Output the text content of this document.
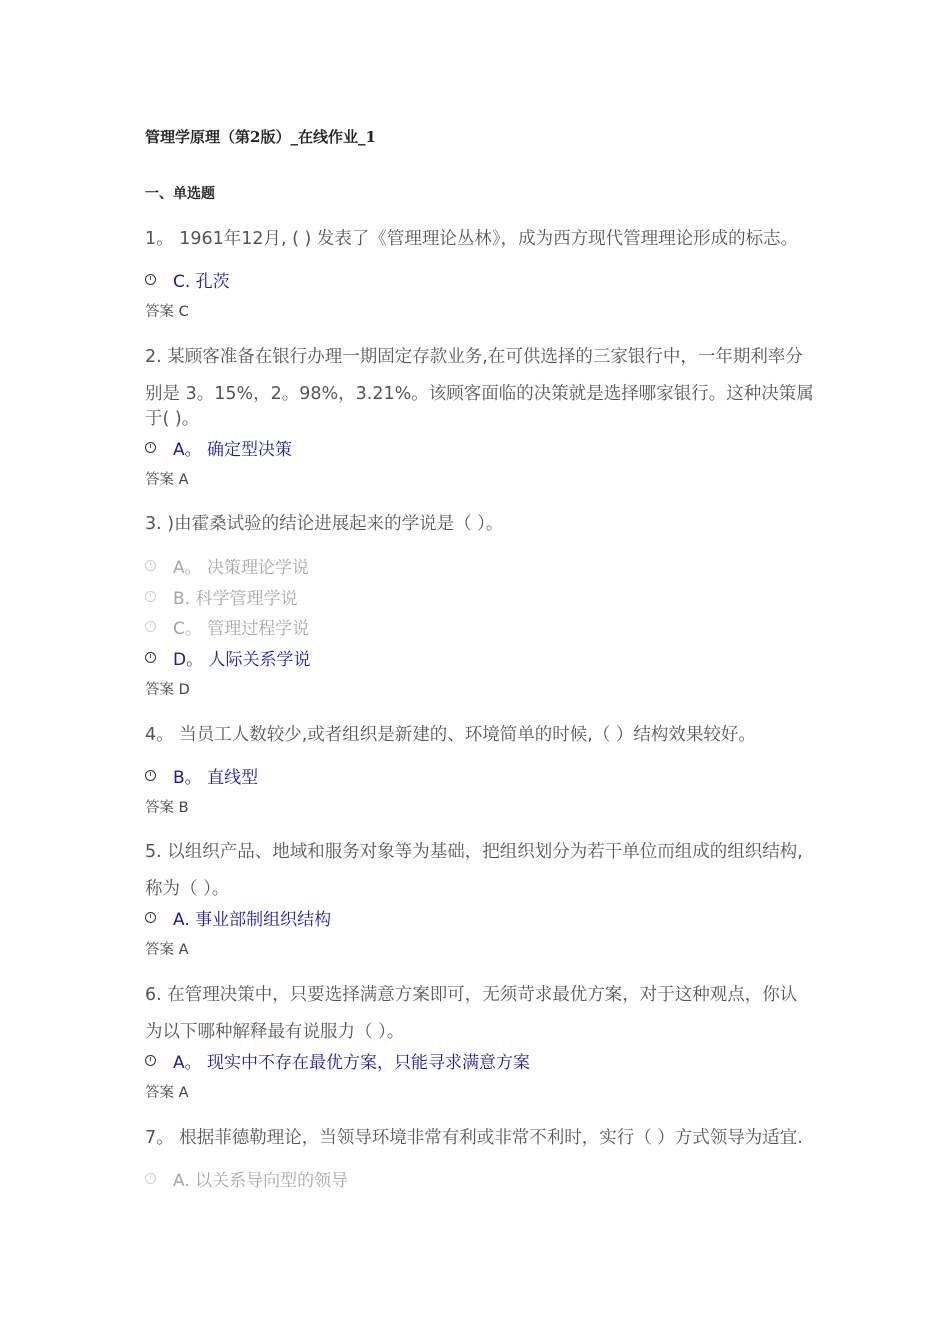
管理学原理（第2版）_在线作业_1
一、单选题
1。 1961年12月, ( ) 发表了《管理理论丛林》，成为西方现代管理理论形成的标志。
C. 孔茨
答案 C
2. 某顾客准备在银行办理一期固定存款业务,在可供选择的三家银行中，一年期利率分
别是 3。15%，2。98%，3.21%。该顾客面临的决策就是选择哪家银行。这种决策属
于( )。
A。 确定型决策
答案 A
3. )由霍桑试验的结论进展起来的学说是（ ）。
A。 决策理论学说
B. 科学管理学说
C。 管理过程学说
D。 人际关系学说
答案 D
4。 当员工人数较少,或者组织是新建的、环境简单的时候,（ ）结构效果较好。
B。 直线型
答案 B
5. 以组织产品、地域和服务对象等为基础，把组织划分为若干单位而组成的组织结构,
称为（ ）。
A. 事业部制组织结构
答案 A
6. 在管理决策中，只要选择满意方案即可，无须苛求最优方案，对于这种观点，你认
为以下哪种解释最有说服力（ ）。
A。 现实中不存在最优方案，只能寻求满意方案
答案 A
7。 根据菲德勒理论，当领导环境非常有利或非常不利时，实行（ ）方式领导为适宜.
A. 以关系导向型的领导
